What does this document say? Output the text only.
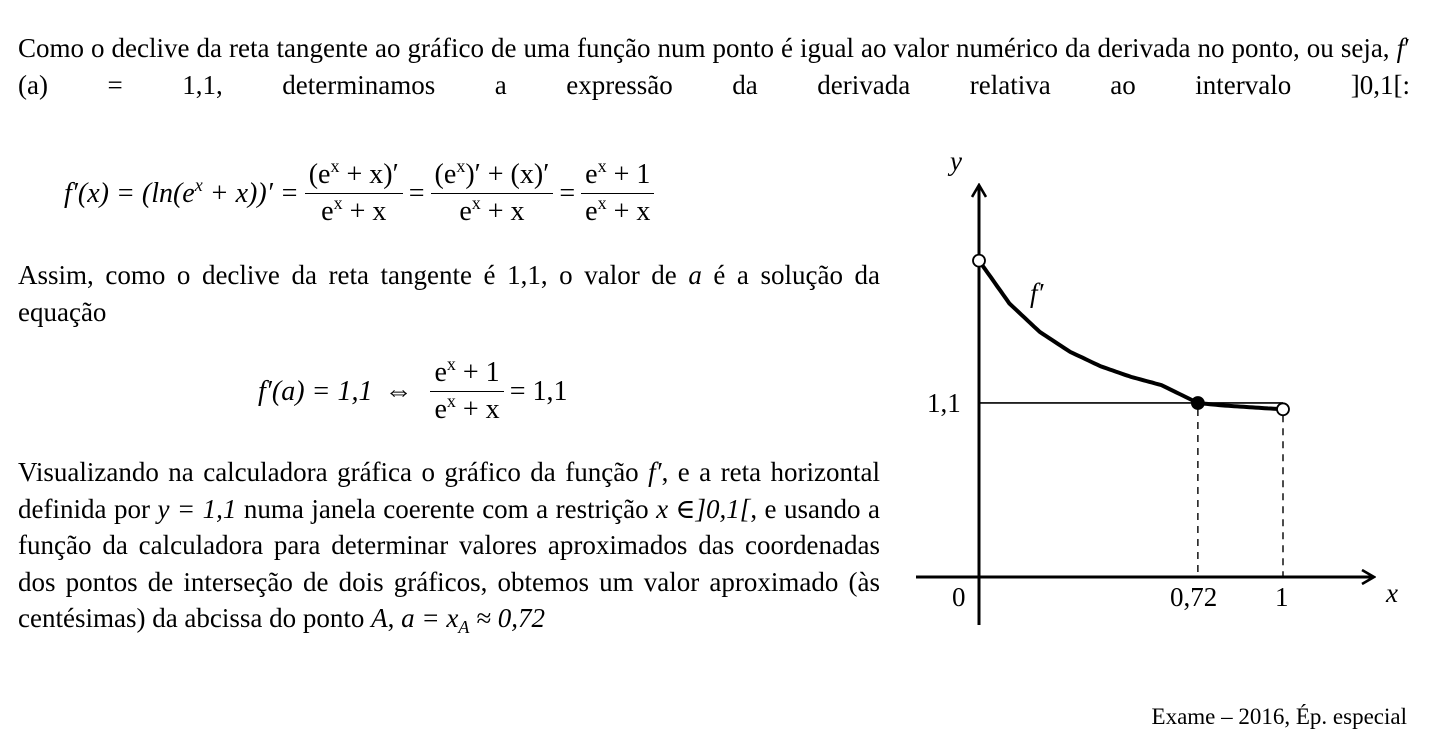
Como o declive da reta tangente ao gráfico de uma função num ponto é igual ao valor numérico da derivada no ponto, ou seja, f′(a) = 1,1, determinamos a expressão da derivada relativa ao intervalo ]0,1[:

$f'(x) = (\ln(e^x + x))' = \frac{(e^x + x)'}{e^x + x} = \frac{(e^x)' + (x)'}{e^x + x} = \frac{e^x + 1}{e^x + x}$

Assim, como o declive da reta tangente é 1,1, o valor de a é a solução da equação

f′(a) = 1,1 ⇔ $\frac{e^x + 1}{e^x + x} = 1,1$

Visualizando na calculadora gráfica o gráfico da função f′, e a reta horizontal definida por y = 1,1 numa janela coerente com a restrição x ∈]0,1[, e usando a função da calculadora para determinar valores aproximados das coordenadas dos pontos de interseção de dois gráficos, obtemos um valor aproximado (às centésimas) da abcissa do ponto A, $a = x_A \approx 0,72$

y
x
f′
0	0,72 1
1,1
Exame – 2016, Ép. especial
